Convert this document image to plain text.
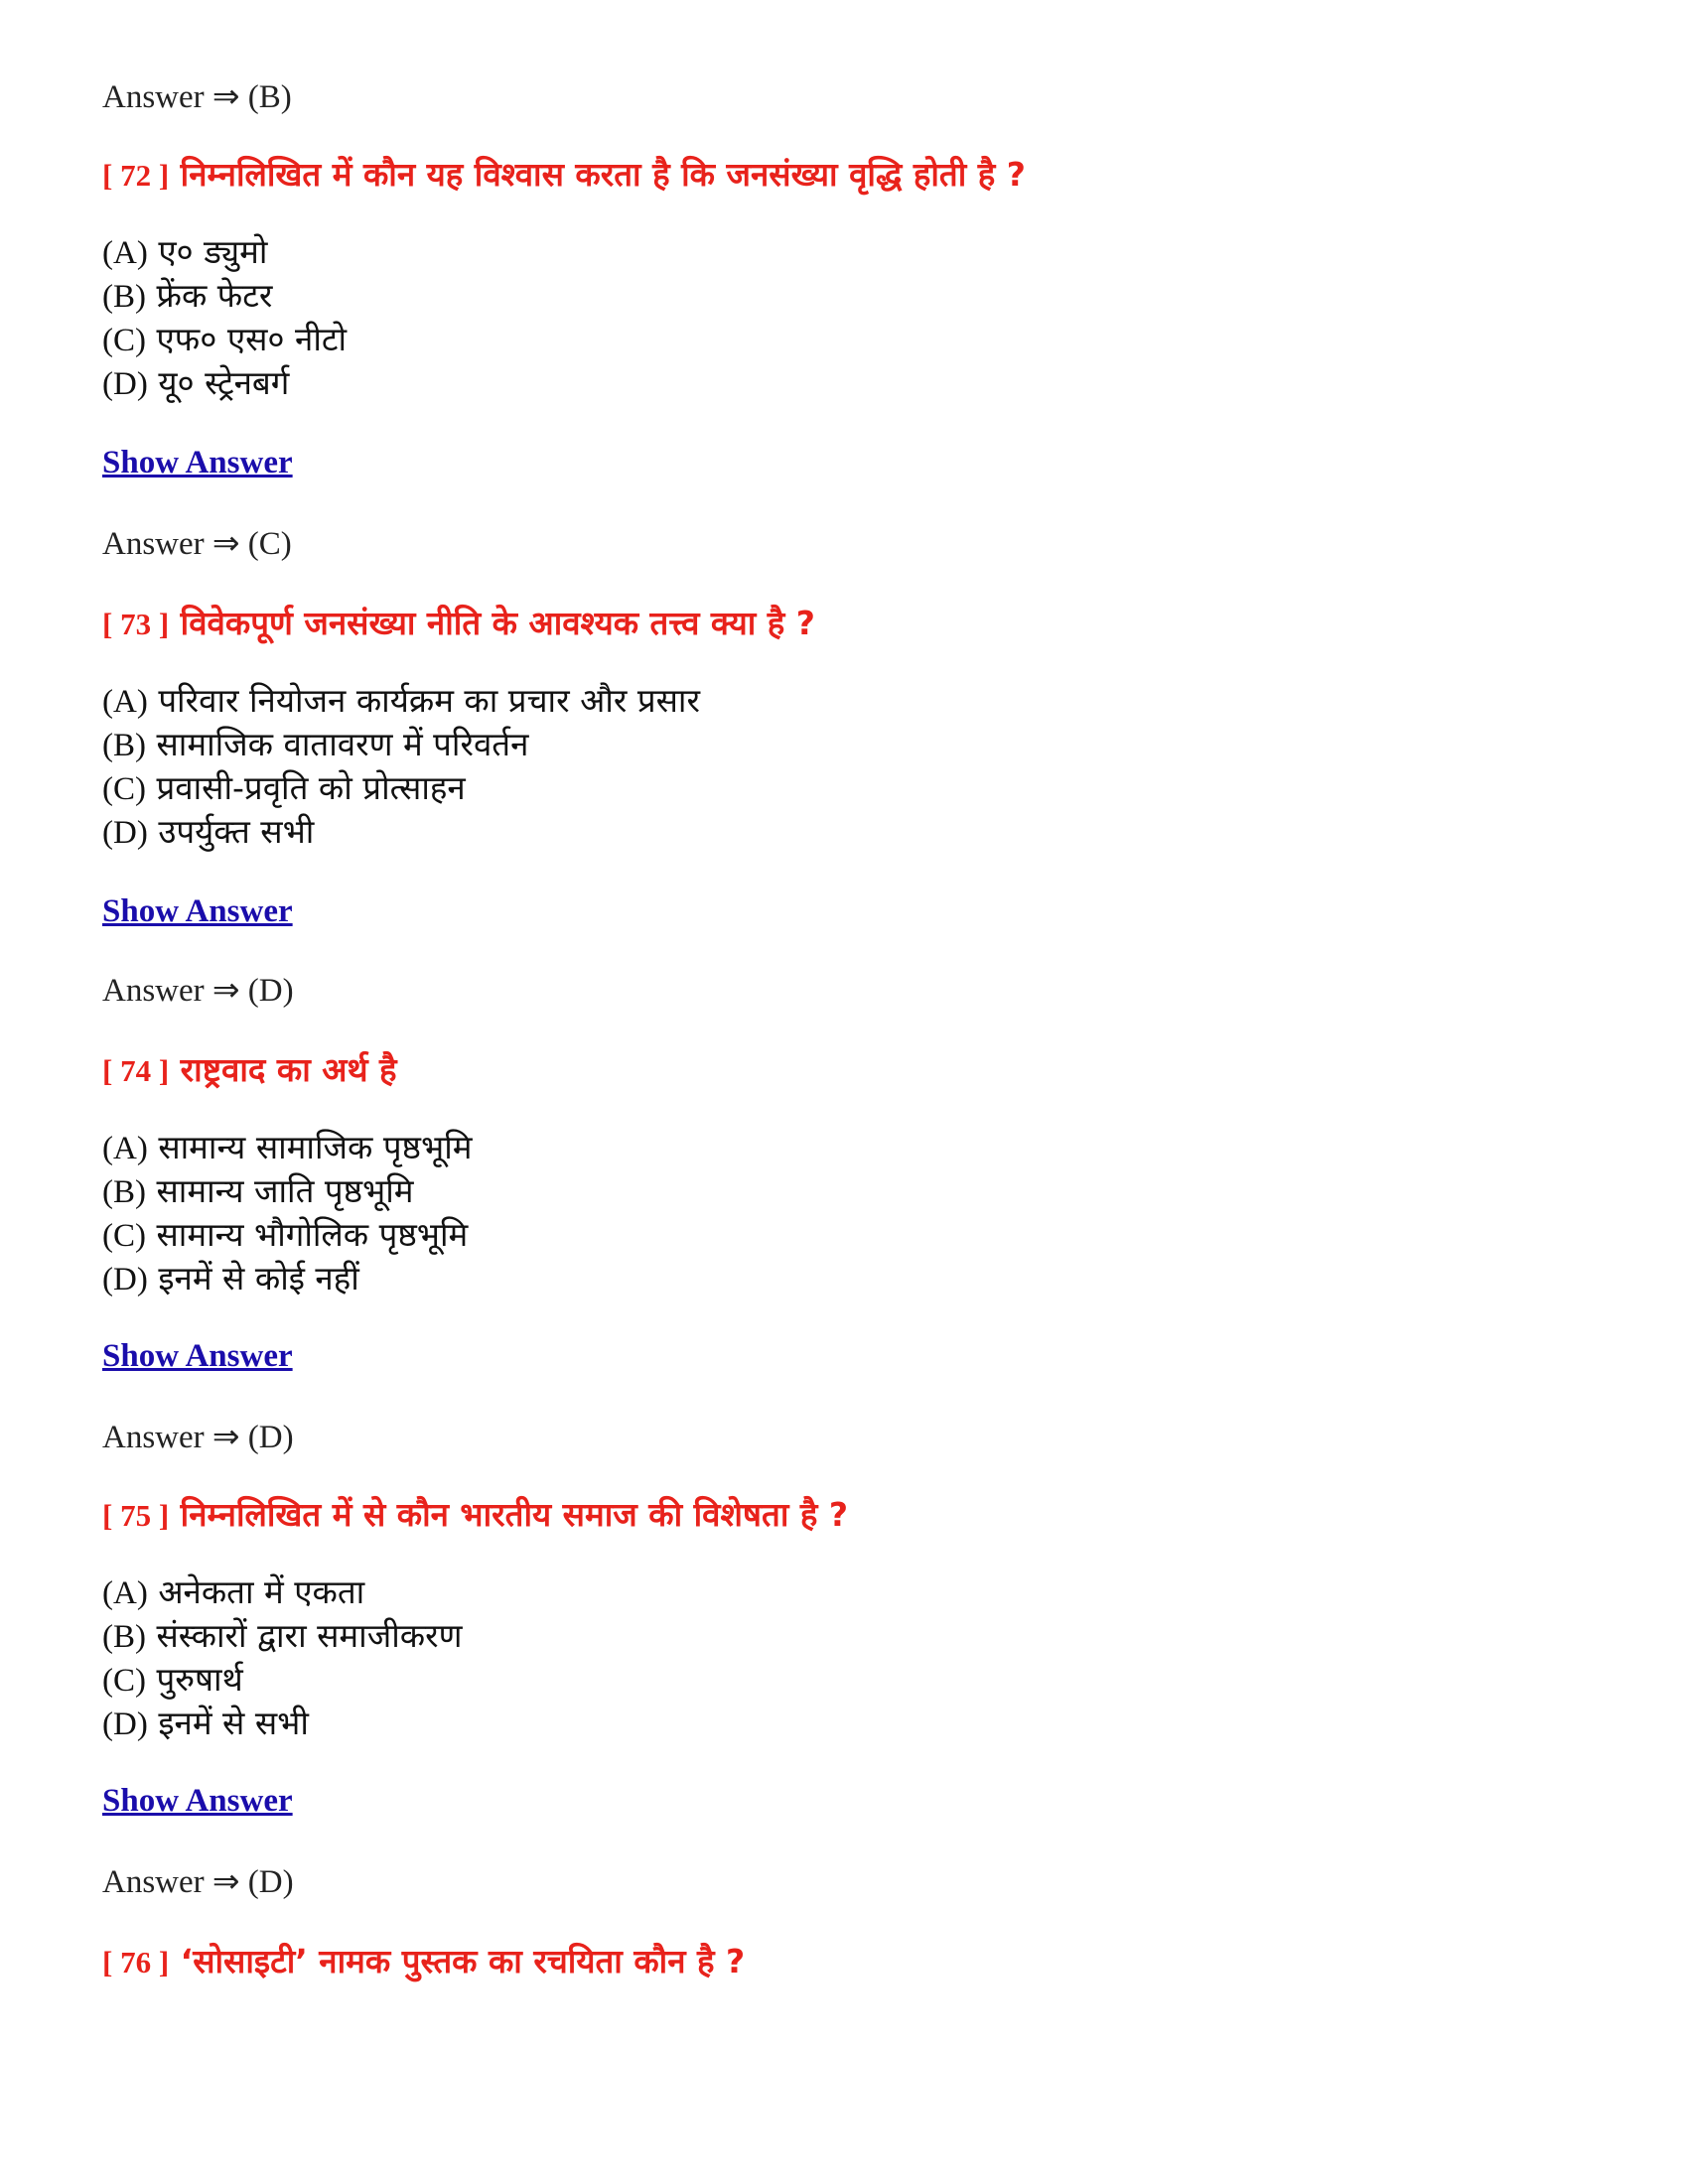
Answer ⇒ (B)
[ 72 ] निम्नलिखित में कौन यह विश्वास करता है कि जनसंख्या वृद्धि होती है ?
(A) ए० ड्युमो
(B) फ्रेंक फेटर
(C) एफ० एस० नीटो
(D) यू० स्ट्रेनबर्ग
Show Answer
Answer ⇒ (C)
[ 73 ] विवेकपूर्ण जनसंख्या नीति के आवश्यक तत्त्व क्या है ?
(A) परिवार नियोजन कार्यक्रम का प्रचार और प्रसार
(B) सामाजिक वातावरण में परिवर्तन
(C) प्रवासी-प्रवृति को प्रोत्साहन
(D) उपर्युक्त सभी
Show Answer
Answer ⇒ (D)
[ 74 ] राष्ट्रवाद का अर्थ है
(A) सामान्य सामाजिक पृष्ठभूमि
(B) सामान्य जाति पृष्ठभूमि
(C) सामान्य भौगोलिक पृष्ठभूमि
(D) इनमें से कोई नहीं
Show Answer
Answer ⇒ (D)
[ 75 ] निम्नलिखित में से कौन भारतीय समाज की विशेषता है ?
(A) अनेकता में एकता
(B) संस्कारों द्वारा समाजीकरण
(C) पुरुषार्थ
(D) इनमें से सभी
Show Answer
Answer ⇒ (D)
[ 76 ] ‘सोसाइटी’ नामक पुस्तक का रचयिता कौन है ?
